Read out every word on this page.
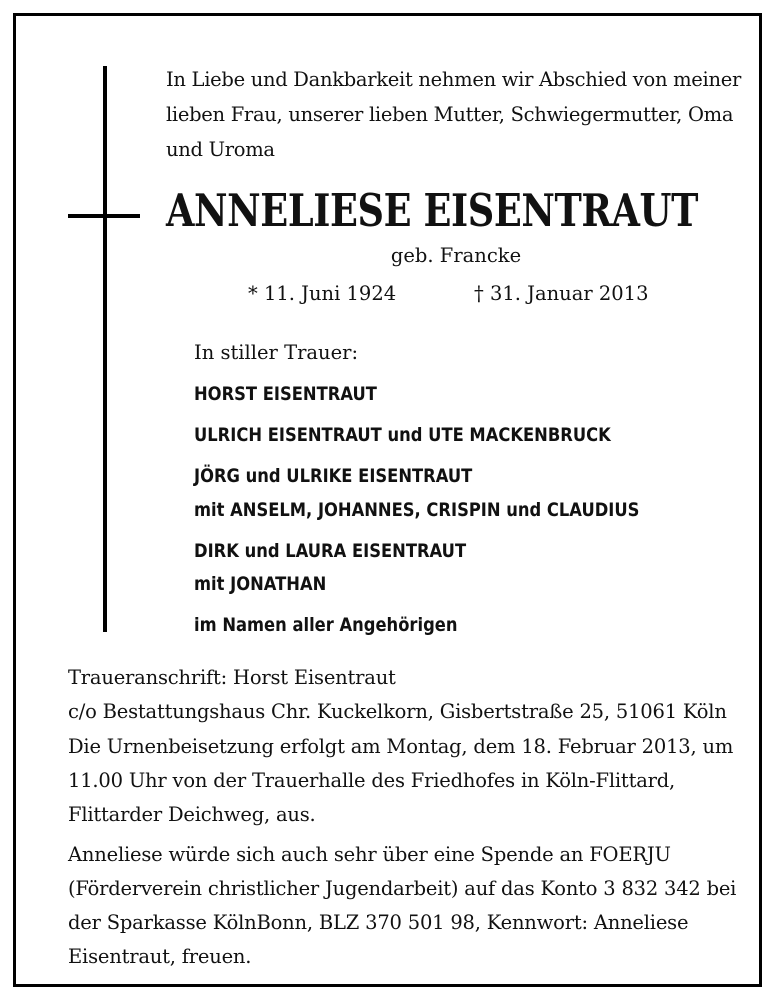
In Liebe und Dankbarkeit nehmen wir Abschied von meiner
lieben Frau, unserer lieben Mutter, Schwiegermutter, Oma
und Uroma
ANNELIESE EISENTRAUT
geb. Francke
* 11. Juni 1924	† 31. Januar 2013
In stiller Trauer:
HORST EISENTRAUT
ULRICH EISENTRAUT und UTE MACKENBRUCK
JÖRG und ULRIKE EISENTRAUT
mit ANSELM, JOHANNES, CRISPIN und CLAUDIUS
DIRK und LAURA EISENTRAUT
mit JONATHAN
im Namen aller Angehörigen
Traueranschrift: Horst Eisentraut
c/o Bestattungshaus Chr. Kuckelkorn, Gisbertstraße 25, 51061 Köln
Die Urnenbeisetzung erfolgt am Montag, dem 18. Februar 2013, um
11.00 Uhr von der Trauerhalle des Friedhofes in Köln-Flittard,
Flittarder Deichweg, aus.
Anneliese würde sich auch sehr über eine Spende an FOERJU
(Förderverein christlicher Jugendarbeit) auf das Konto 3 832 342 bei
der Sparkasse KölnBonn, BLZ 370 501 98, Kennwort: Anneliese
Eisentraut, freuen.
